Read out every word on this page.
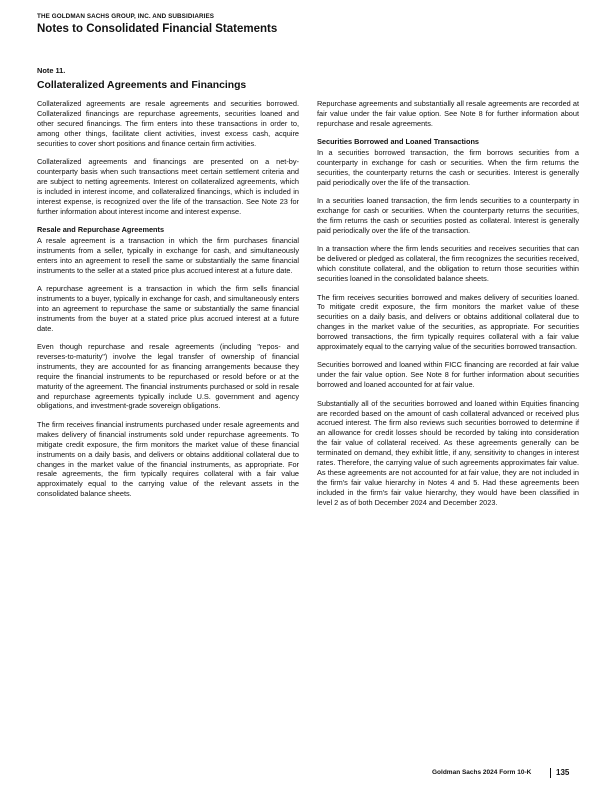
THE GOLDMAN SACHS GROUP, INC. AND SUBSIDIARIES
Notes to Consolidated Financial Statements
Note 11.
Collateralized Agreements and Financings

Collateralized agreements are resale agreements and securities borrowed. Collateralized financings are repurchase agreements, securities loaned and other secured financings. The firm enters into these transactions in order to, among other things, facilitate client activities, invest excess cash, acquire securities to cover short positions and finance certain firm activities.

Collateralized agreements and financings are presented on a net-by-counterparty basis when such transactions meet certain settlement criteria and are subject to netting agreements. Interest on collateralized agreements, which is included in interest income, and collateralized financings, which is included in interest expense, is recognized over the life of the transaction. See Note 23 for further information about interest income and interest expense.

Resale and Repurchase Agreements

A resale agreement is a transaction in which the firm purchases financial instruments from a seller, typically in exchange for cash, and simultaneously enters into an agreement to resell the same or substantially the same financial instruments to the seller at a stated price plus accrued interest at a future date.

A repurchase agreement is a transaction in which the firm sells financial instruments to a buyer, typically in exchange for cash, and simultaneously enters into an agreement to repurchase the same or substantially the same financial instruments from the buyer at a stated price plus accrued interest at a future date.

Even though repurchase and resale agreements (including "repos- and reverses-to-maturity") involve the legal transfer of ownership of financial instruments, they are accounted for as financing arrangements because they require the financial instruments to be repurchased or resold before or at the maturity of the agreement. The financial instruments purchased or sold in resale and repurchase agreements typically include U.S. government and agency obligations, and investment-grade sovereign obligations.

The firm receives financial instruments purchased under resale agreements and makes delivery of financial instruments sold under repurchase agreements. To mitigate credit exposure, the firm monitors the market value of these financial instruments on a daily basis, and delivers or obtains additional collateral due to changes in the market value of the financial instruments, as appropriate. For resale agreements, the firm typically requires collateral with a fair value approximately equal to the carrying value of the relevant assets in the consolidated balance sheets.

Repurchase agreements and substantially all resale agreements are recorded at fair value under the fair value option. See Note 8 for further information about repurchase and resale agreements.

Securities Borrowed and Loaned Transactions

In a securities borrowed transaction, the firm borrows securities from a counterparty in exchange for cash or securities. When the firm returns the securities, the counterparty returns the cash or securities. Interest is generally paid periodically over the life of the transaction.

In a securities loaned transaction, the firm lends securities to a counterparty in exchange for cash or securities. When the counterparty returns the securities, the firm returns the cash or securities posted as collateral. Interest is generally paid periodically over the life of the transaction.

In a transaction where the firm lends securities and receives securities that can be delivered or pledged as collateral, the firm recognizes the securities received, which constitute collateral, and the obligation to return those securities within securities loaned in the consolidated balance sheets.

The firm receives securities borrowed and makes delivery of securities loaned. To mitigate credit exposure, the firm monitors the market value of these securities on a daily basis, and delivers or obtains additional collateral due to changes in the market value of the securities, as appropriate. For securities borrowed transactions, the firm typically requires collateral with a fair value approximately equal to the carrying value of the securities borrowed transaction.

Securities borrowed and loaned within FICC financing are recorded at fair value under the fair value option. See Note 8 for further information about securities borrowed and loaned accounted for at fair value.

Substantially all of the securities borrowed and loaned within Equities financing are recorded based on the amount of cash collateral advanced or received plus accrued interest. The firm also reviews such securities borrowed to determine if an allowance for credit losses should be recorded by taking into consideration the fair value of collateral received. As these agreements generally can be terminated on demand, they exhibit little, if any, sensitivity to changes in interest rates. Therefore, the carrying value of such agreements approximates fair value. As these agreements are not accounted for at fair value, they are not included in the firm's fair value hierarchy in Notes 4 and 5. Had these agreements been included in the firm's fair value hierarchy, they would have been classified in level 2 as of both December 2024 and December 2023.

Goldman Sachs 2024 Form 10-K	135
